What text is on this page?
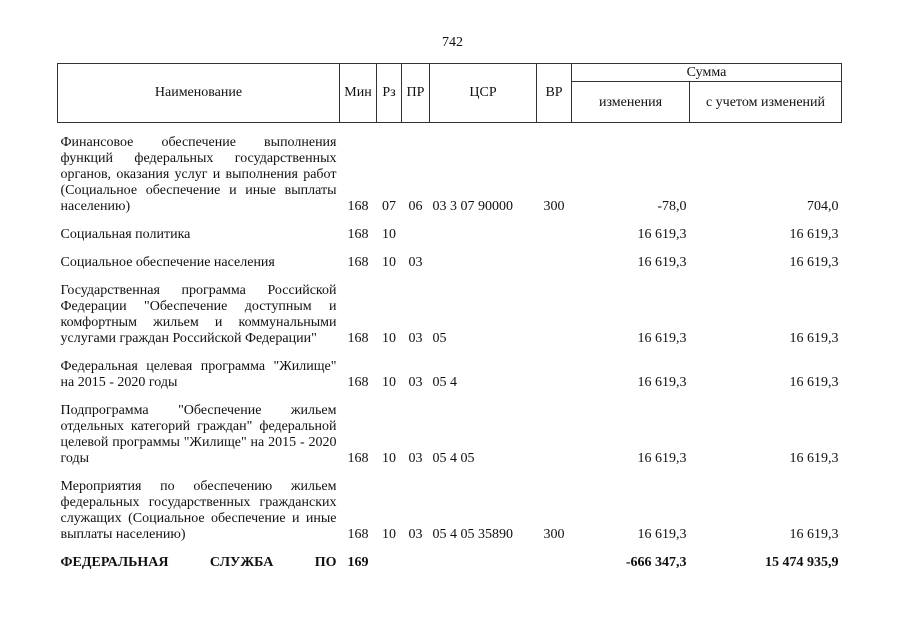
742
Наименование	Мин	Рз	ПР	ЦСР	ВР	Сумма	
						изменения	с учетом изменений

Финансовое обеспечение выполнения функций федеральных государственных органов, оказания услуг и выполнения работ (Социальное обеспечение и иные выплаты населению)	168	07	06	03 3 07 90000	300	-78,0	704,0

Социальная политика	168	10				16 619,3	16 619,3

Социальное обеспечение населения	168	10	03			16 619,3	16 619,3

Государственная программа Российской Федерации "Обеспечение доступным и комфортным жильем и коммунальными услугами граждан Российской Федерации"	168	10	03	05		16 619,3	16 619,3

Федеральная целевая программа "Жилище" на 2015 - 2020 годы	168	10	03	05 4		16 619,3	16 619,3

Подпрограмма "Обеспечение жильем отдельных категорий граждан" федеральной целевой программы "Жилище" на 2015 - 2020 годы	168	10	03	05 4 05		16 619,3	16 619,3

Мероприятия по обеспечению жильем федеральных государственных гражданских служащих (Социальное обеспечение и иные выплаты населению)	168	10	03	05 4 05 35890	300	16 619,3	16 619,3

ФЕДЕРАЛЬНАЯ СЛУЖБА ПО	169					-666 347,3	15 474 935,9
